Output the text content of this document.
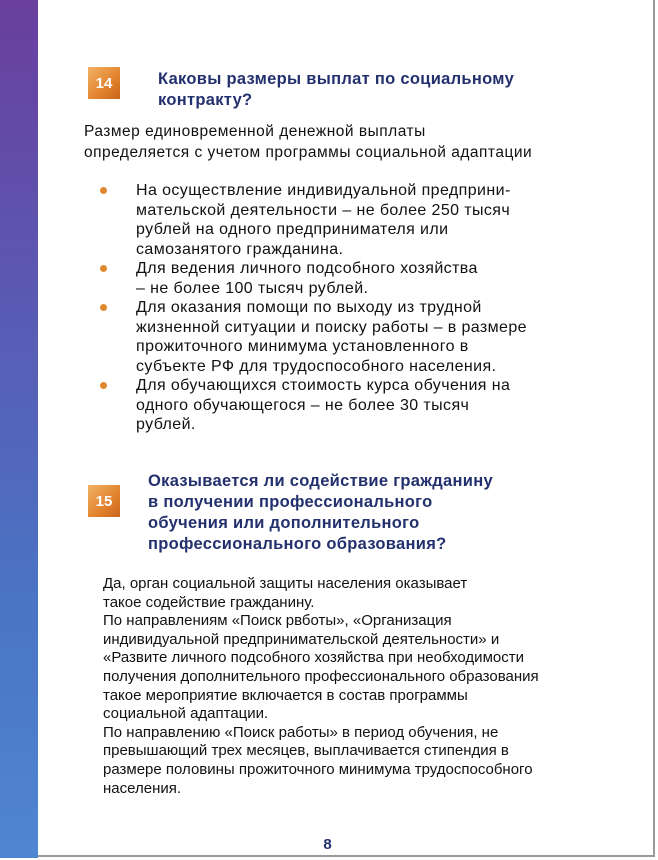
14	Каковы размеры выплат по социальному
контракту?
Размер единовременной денежной выплаты
определяется с учетом программы социальной адаптации
На осуществление индивидуальной предприни-
мательской деятельности – не более 250 тысяч
рублей на одного предпринимателя или
самозанятого гражданина.
Для ведения личного подсобного хозяйства
– не более 100 тысяч рублей.
Для оказания помощи по выходу из трудной
жизненной ситуации и поиску работы – в размере
прожиточного минимума установленного в
субъекте РФ для трудоспособного населения.
Для обучающихся стоимость курса обучения на
одного обучающегося – не более 30 тысяч
рублей.
15
Оказывается ли содействие гражданину
в получении профессионального
обучения или дополнительного
профессионального образования?
Да, орган социальной защиты населения оказывает
такое содействие гражданину.
По направлениям «Поиск рвботы», «Организация
индивидуальной предпринимательской деятельности» и
«Развите личного подсобного хозяйства при необходимости
получения дополнительного профессионального образования
такое мероприятие включается в состав программы
социальной адаптации.
По направлению «Поиск работы» в период обучения, не
превышающий трех месяцев, выплачивается стипендия в
размере половины прожиточного минимума трудоспособного
населения.
8
